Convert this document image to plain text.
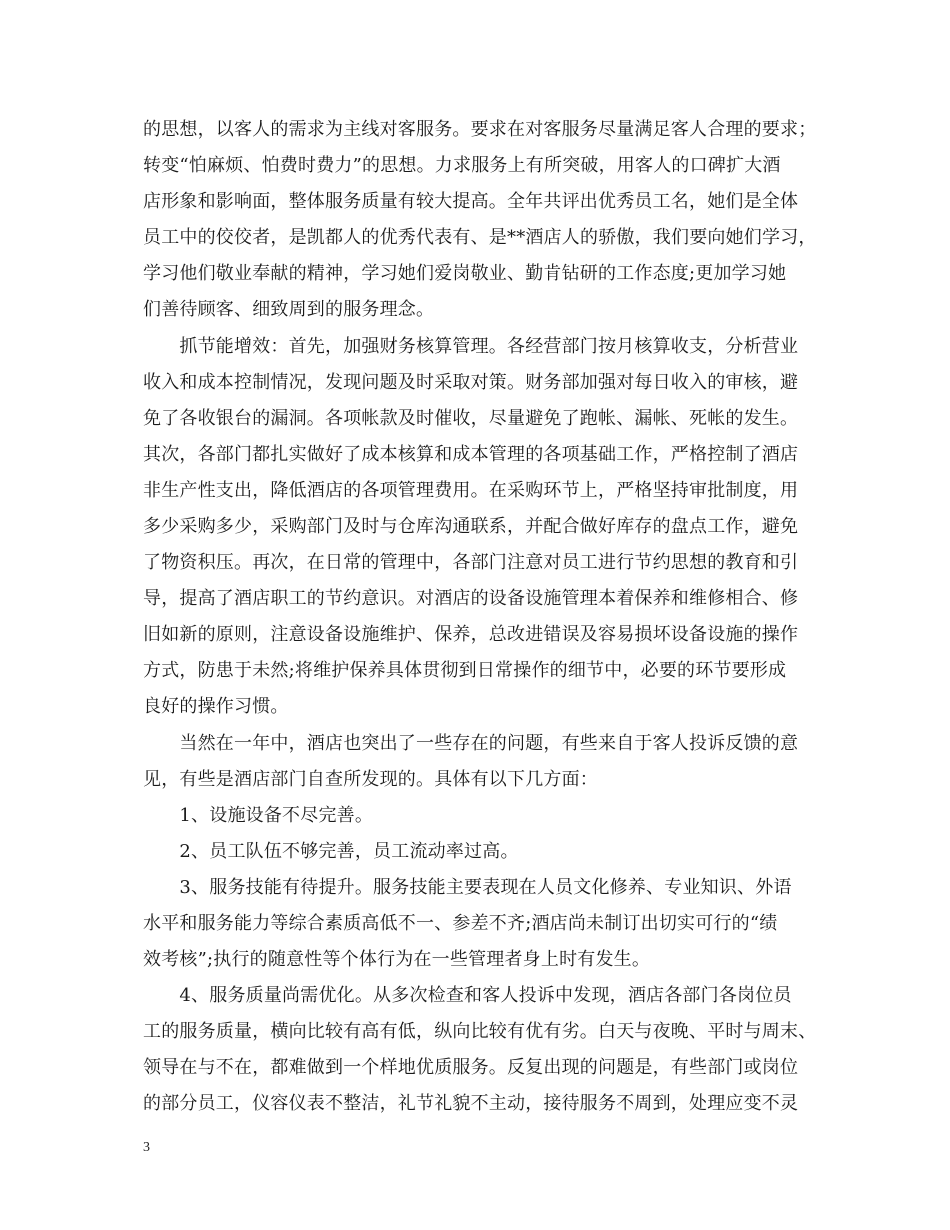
的思想，以客人的需求为主线对客服务。要求在对客服务尽量满足客人合理的要求；
转变“怕麻烦、怕费时费力”的思想。力求服务上有所突破，用客人的口碑扩大酒
店形象和影响面，整体服务质量有较大提高。全年共评出优秀员工名，她们是全体
员工中的佼佼者，是凯都人的优秀代表有、是**酒店人的骄傲，我们要向她们学习，
学习他们敬业奉献的精神，学习她们爱岗敬业、勤肯钻研的工作态度;更加学习她
们善待顾客、细致周到的服务理念。
　　抓节能增效：首先，加强财务核算管理。各经营部门按月核算收支，分析营业
收入和成本控制情况，发现问题及时采取对策。财务部加强对每日收入的审核，避
免了各收银台的漏洞。各项帐款及时催收，尽量避免了跑帐、漏帐、死帐的发生。
其次，各部门都扎实做好了成本核算和成本管理的各项基础工作，严格控制了酒店
非生产性支出，降低酒店的各项管理费用。在采购环节上，严格坚持审批制度，用
多少采购多少，采购部门及时与仓库沟通联系，并配合做好库存的盘点工作，避免
了物资积压。再次，在日常的管理中，各部门注意对员工进行节约思想的教育和引
导，提高了酒店职工的节约意识。对酒店的设备设施管理本着保养和维修相合、修
旧如新的原则，注意设备设施维护、保养，总改进错误及容易损坏设备设施的操作
方式，防患于未然;将维护保养具体贯彻到日常操作的细节中，必要的环节要形成
良好的操作习惯。
　　当然在一年中，酒店也突出了一些存在的问题，有些来自于客人投诉反馈的意
见，有些是酒店部门自查所发现的。具体有以下几方面：
　　1、设施设备不尽完善。
　　2、员工队伍不够完善，员工流动率过高。
　　3、服务技能有待提升。服务技能主要表现在人员文化修养、专业知识、外语
水平和服务能力等综合素质高低不一、参差不齐;酒店尚未制订出切实可行的“绩
效考核”;执行的随意性等个体行为在一些管理者身上时有发生。
　　4、服务质量尚需优化。从多次检查和客人投诉中发现，酒店各部门各岗位员
工的服务质量，横向比较有高有低，纵向比较有优有劣。白天与夜晚、平时与周末、
领导在与不在，都难做到一个样地优质服务。反复出现的问题是，有些部门或岗位
的部分员工，仪容仪表不整洁，礼节礼貌不主动，接待服务不周到，处理应变不灵
3
